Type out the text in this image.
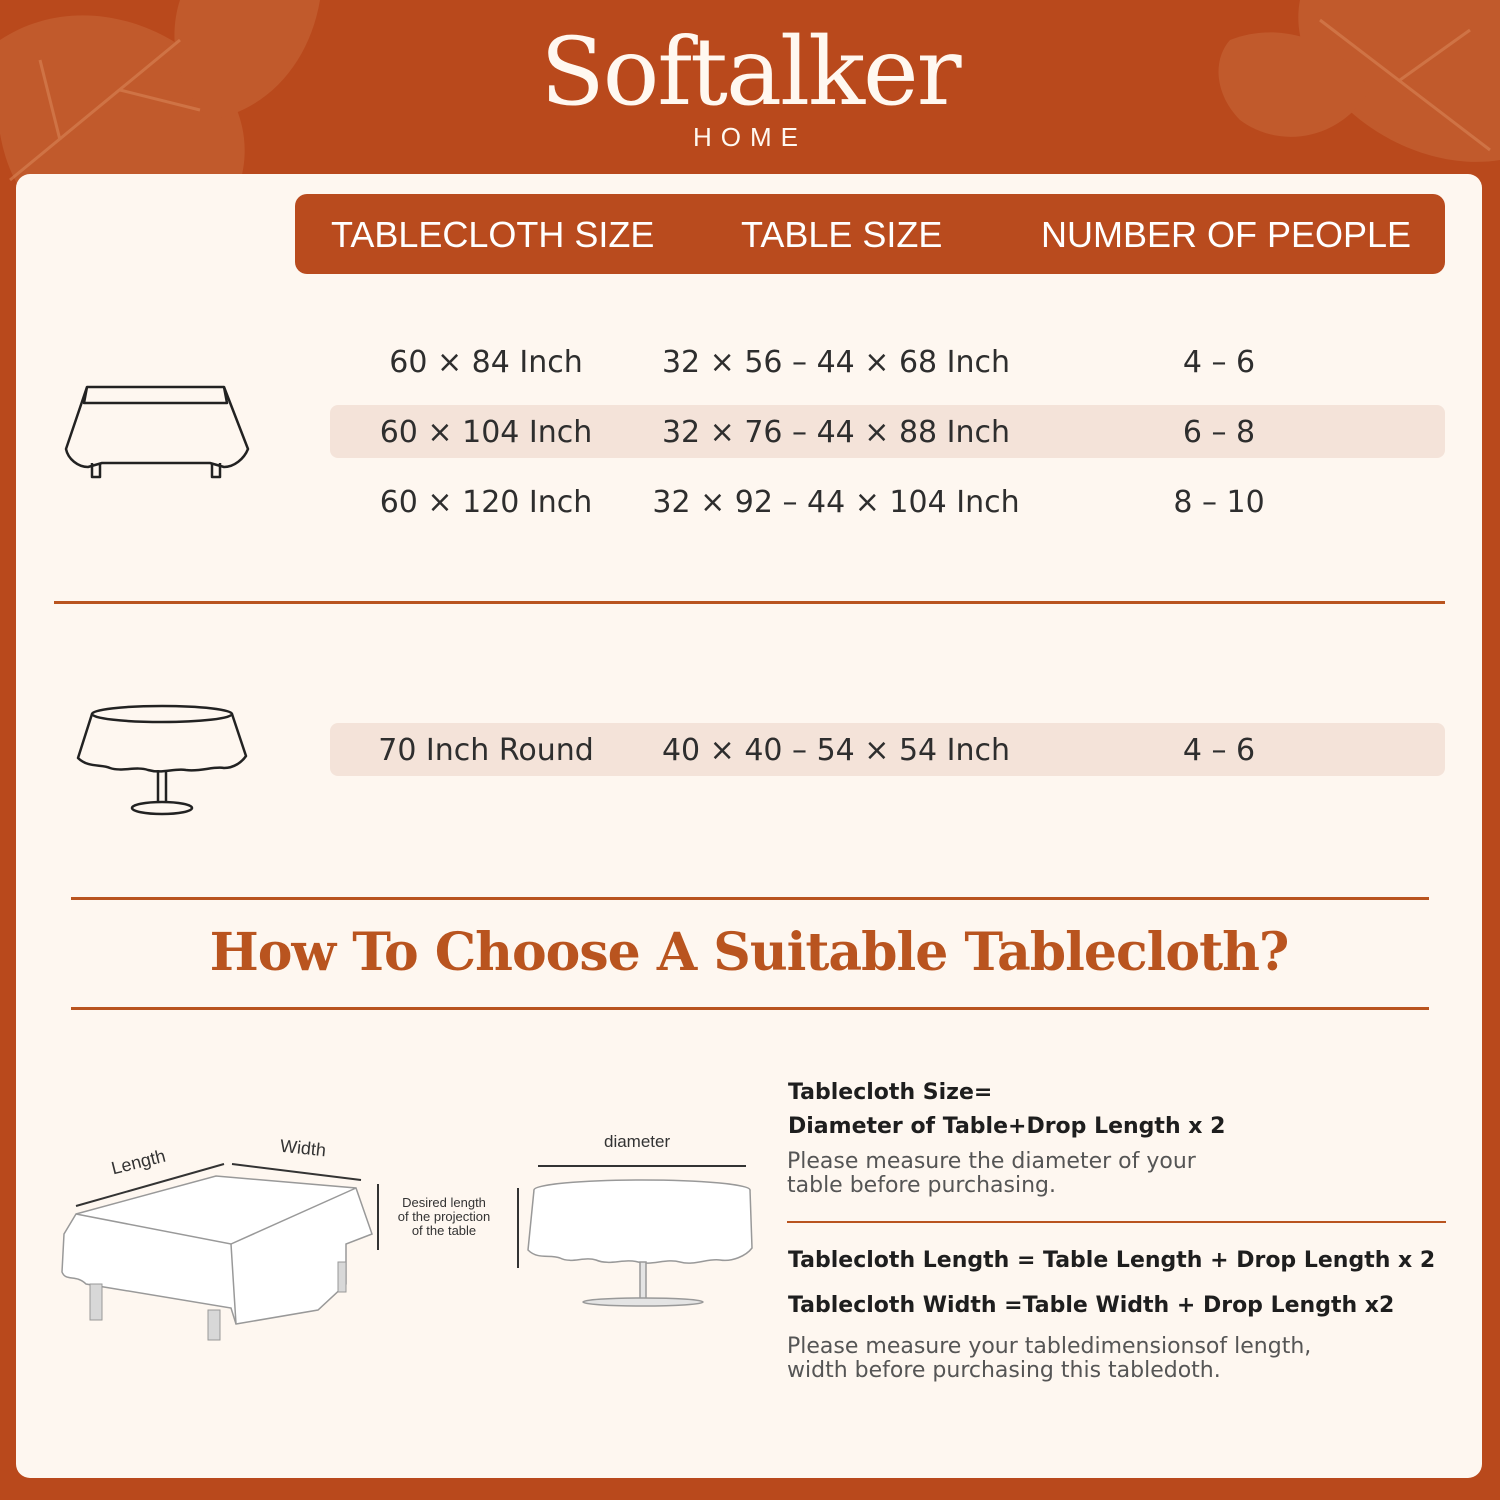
Softalker
HOME
TABLECLOTH SIZE TABLE SIZE	NUMBER OF PEOPLE
60 × 84 Inch	32 × 56 – 44 × 68 Inch	4 – 6
60 × 104 Inch 32 × 76 – 44 × 88 Inch	6 – 8
60 × 120 Inch 32 × 92 – 44 × 104 Inch	8 – 10
70 Inch Round 40 × 40 – 54 × 54 Inch	4 – 6
How To Choose A Suitable Tablecloth?
Length	Width
Desired length
of the projection
of the table
diameter
Tablecloth Size=
Diameter of Table+Drop Length x 2
Please measure the diameter of your
table before purchasing.
Tablecloth Length = Table Length + Drop Length x 2
Tablecloth Width =Table Width + Drop Length x2
Please measure your tabledimensionsof length,
width before purchasing this tabledoth.
